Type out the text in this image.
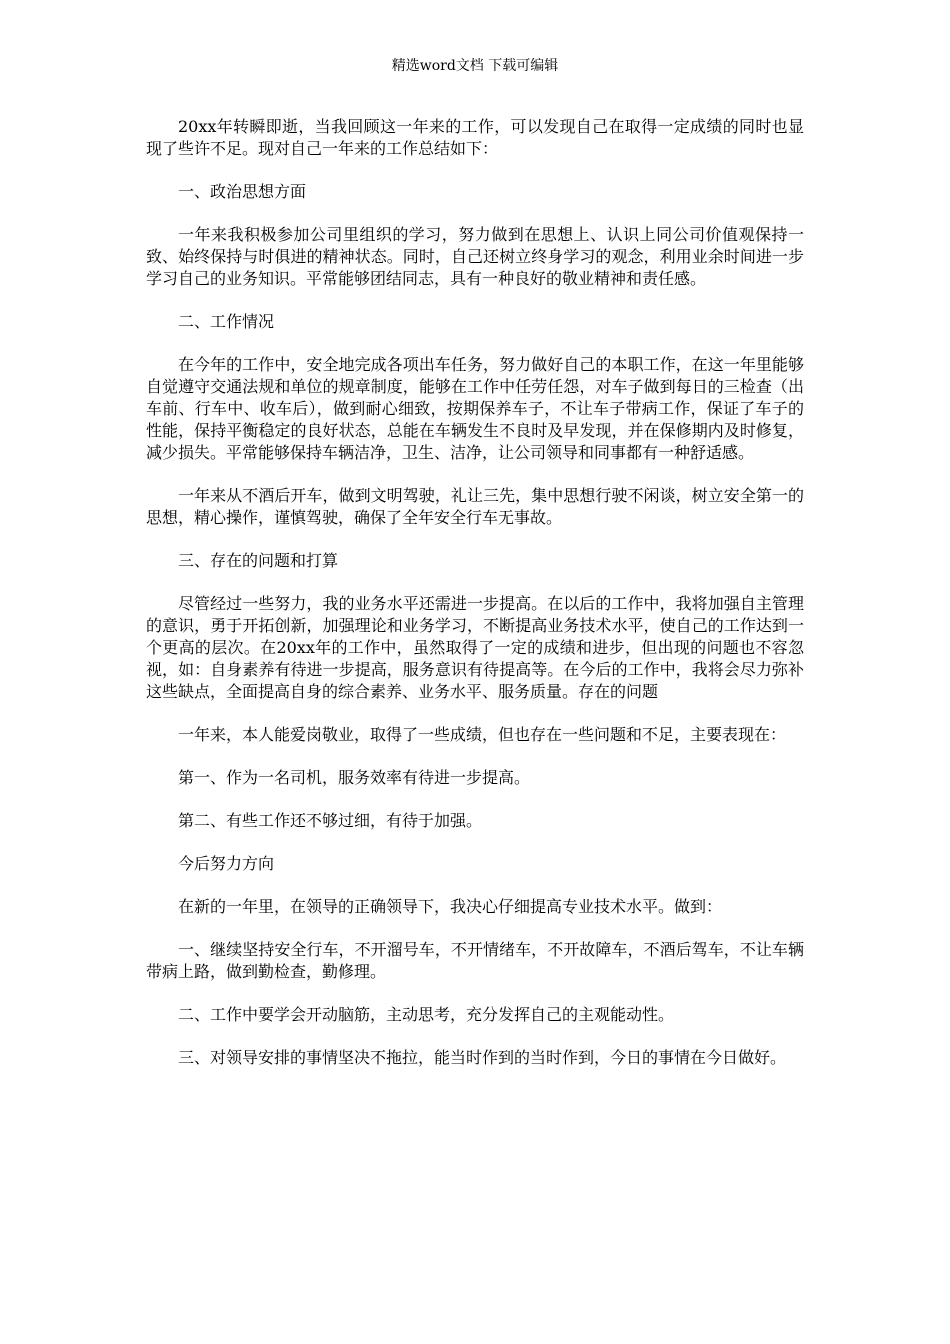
精选word文档 下载可编辑

20xx年转瞬即逝，当我回顾这一年来的工作，可以发现自己在取得一定成绩的同时也显现了些许不足。现对自己一年来的工作总结如下：

一、政治思想方面

一年来我积极参加公司里组织的学习，努力做到在思想上、认识上同公司价值观保持一致、始终保持与时俱进的精神状态。同时，自己还树立终身学习的观念，利用业余时间进一步学习自己的业务知识。平常能够团结同志，具有一种良好的敬业精神和责任感。

二、工作情况

在今年的工作中，安全地完成各项出车任务，努力做好自己的本职工作，在这一年里能够自觉遵守交通法规和单位的规章制度，能够在工作中任劳任怨，对车子做到每日的三检查（出车前、行车中、收车后），做到耐心细致，按期保养车子，不让车子带病工作，保证了车子的性能，保持平衡稳定的良好状态，总能在车辆发生不良时及早发现，并在保修期内及时修复，减少损失。平常能够保持车辆洁净，卫生、洁净，让公司领导和同事都有一种舒适感。

一年来从不酒后开车，做到文明驾驶，礼让三先，集中思想行驶不闲谈，树立安全第一的思想，精心操作，谨慎驾驶，确保了全年安全行车无事故。

三、存在的问题和打算

尽管经过一些努力，我的业务水平还需进一步提高。在以后的工作中，我将加强自主管理的意识，勇于开拓创新，加强理论和业务学习，不断提高业务技术水平，使自己的工作达到一个更高的层次。在20xx年的工作中，虽然取得了一定的成绩和进步，但出现的问题也不容忽视，如：自身素养有待进一步提高，服务意识有待提高等。在今后的工作中，我将会尽力弥补这些缺点，全面提高自身的综合素养、业务水平、服务质量。存在的问题

一年来，本人能爱岗敬业，取得了一些成绩，但也存在一些问题和不足，主要表现在：

第一、作为一名司机，服务效率有待进一步提高。

第二、有些工作还不够过细，有待于加强。

今后努力方向

在新的一年里，在领导的正确领导下，我决心仔细提高专业技术水平。做到：

一、继续坚持安全行车，不开溜号车，不开情绪车，不开故障车，不酒后驾车，不让车辆带病上路，做到勤检查，勤修理。

二、工作中要学会开动脑筋，主动思考，充分发挥自己的主观能动性。

三、对领导安排的事情坚决不拖拉，能当时作到的当时作到，今日的事情在今日做好。
